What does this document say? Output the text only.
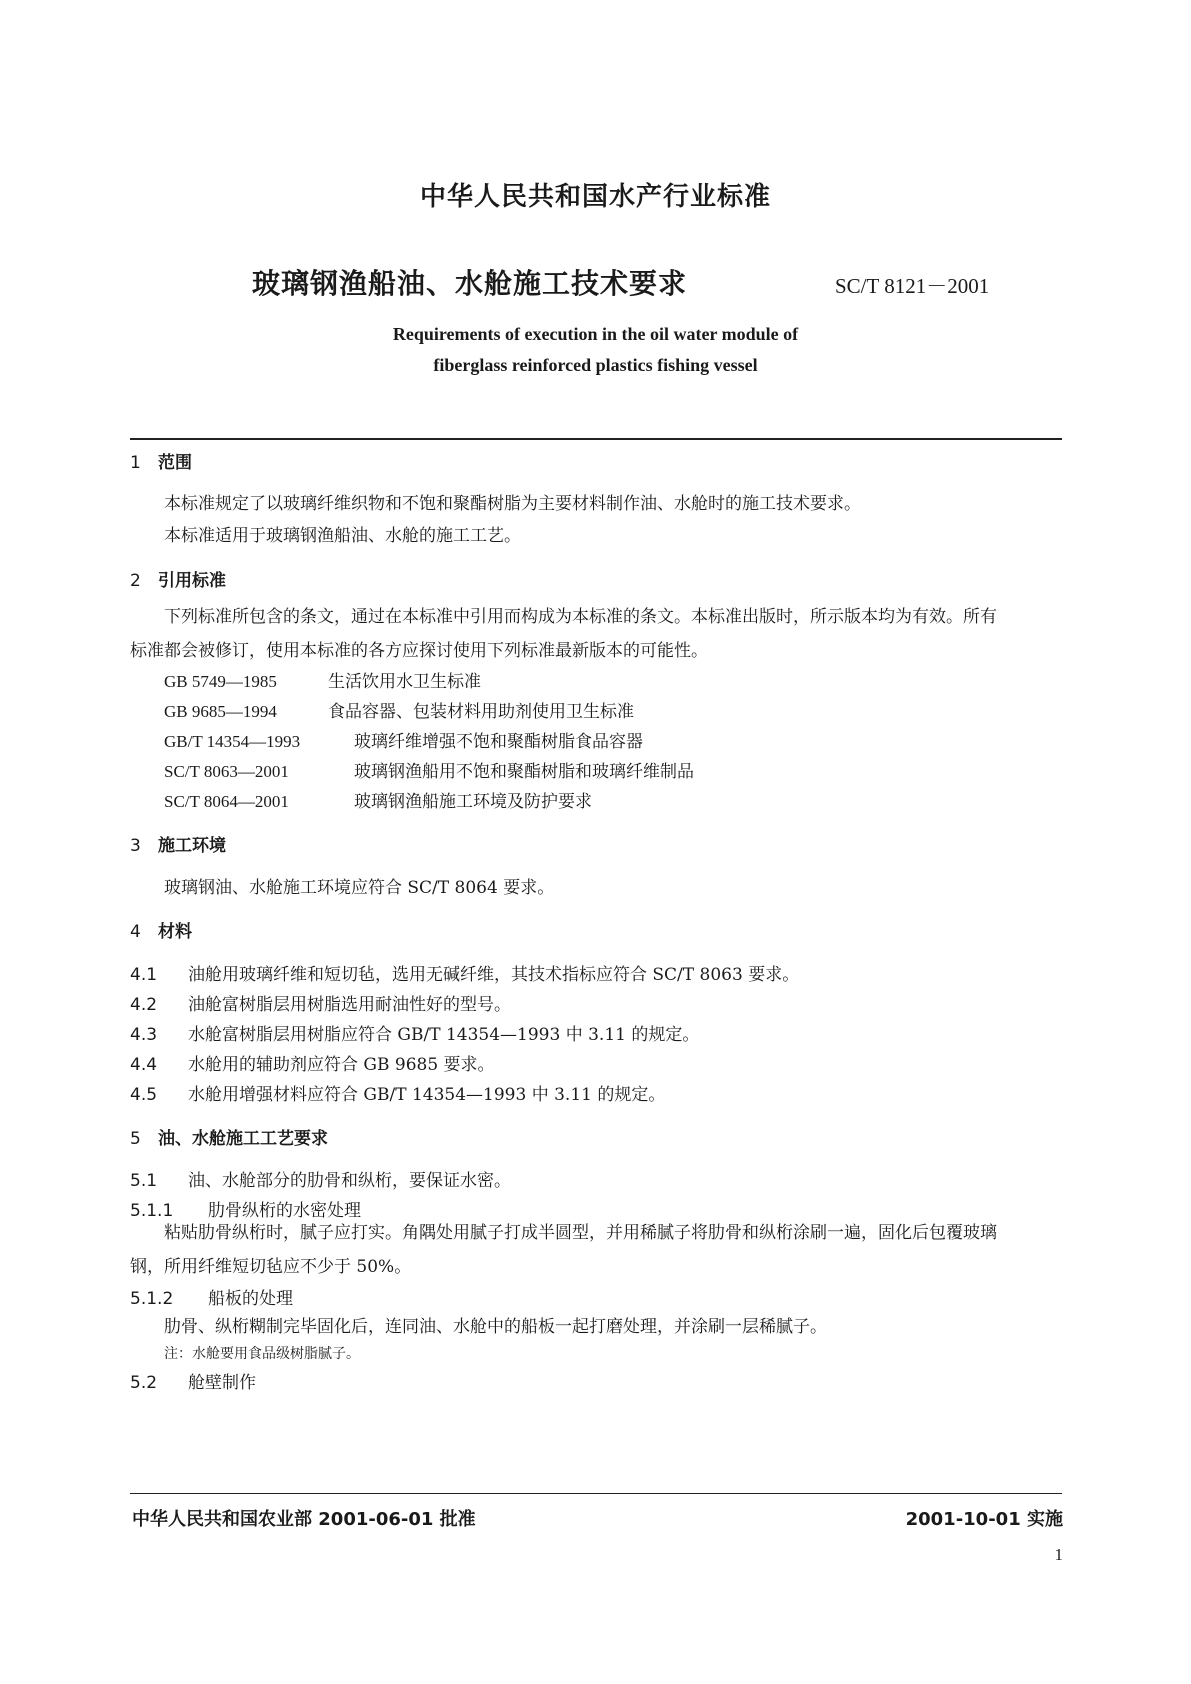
中华人民共和国水产行业标准
玻璃钢渔船油、水舱施工技术要求	SC/T 8121－2001
Requirements of execution in the oil water module of
fiberglass reinforced plastics fishing vessel
1 范围
本标准规定了以玻璃纤维织物和不饱和聚酯树脂为主要材料制作油、水舱时的施工技术要求。
本标准适用于玻璃钢渔船油、水舱的施工工艺。
2 引用标准
下列标准所包含的条文，通过在本标准中引用而构成为本标准的条文。本标准出版时，所示版本均为有效。所有标准都会被修订，使用本标准的各方应探讨使用下列标准最新版本的可能性。
GB 5749—1985	生活饮用水卫生标准
GB 9685—1994	食品容器、包装材料用助剂使用卫生标准
GB/T 14354—1993	玻璃纤维增强不饱和聚酯树脂食品容器
SC/T 8063—2001	玻璃钢渔船用不饱和聚酯树脂和玻璃纤维制品
SC/T 8064—2001	玻璃钢渔船施工环境及防护要求
3 施工环境
玻璃钢油、水舱施工环境应符合 SC/T 8064 要求。
4 材料
4.1 油舱用玻璃纤维和短切毡，选用无碱纤维，其技术指标应符合 SC/T 8063 要求。
4.2 油舱富树脂层用树脂选用耐油性好的型号。
4.3 水舱富树脂层用树脂应符合 GB/T 14354—1993 中 3.11 的规定。
4.4 水舱用的辅助剂应符合 GB 9685 要求。
4.5 水舱用增强材料应符合 GB/T 14354—1993 中 3.11 的规定。
5 油、水舱施工工艺要求
5.1 油、水舱部分的肋骨和纵桁，要保证水密。
5.1.1 肋骨纵桁的水密处理
粘贴肋骨纵桁时，腻子应打实。角隅处用腻子打成半圆型，并用稀腻子将肋骨和纵桁涂刷一遍，固化后包覆玻璃钢，所用纤维短切毡应不少于 50%。
5.1.2 船板的处理
肋骨、纵桁糊制完毕固化后，连同油、水舱中的船板一起打磨处理，并涂刷一层稀腻子。
注：水舱要用食品级树脂腻子。
5.2 舱壁制作
中华人民共和国农业部 2001-06-01 批准	2001-10-01 实施
1
